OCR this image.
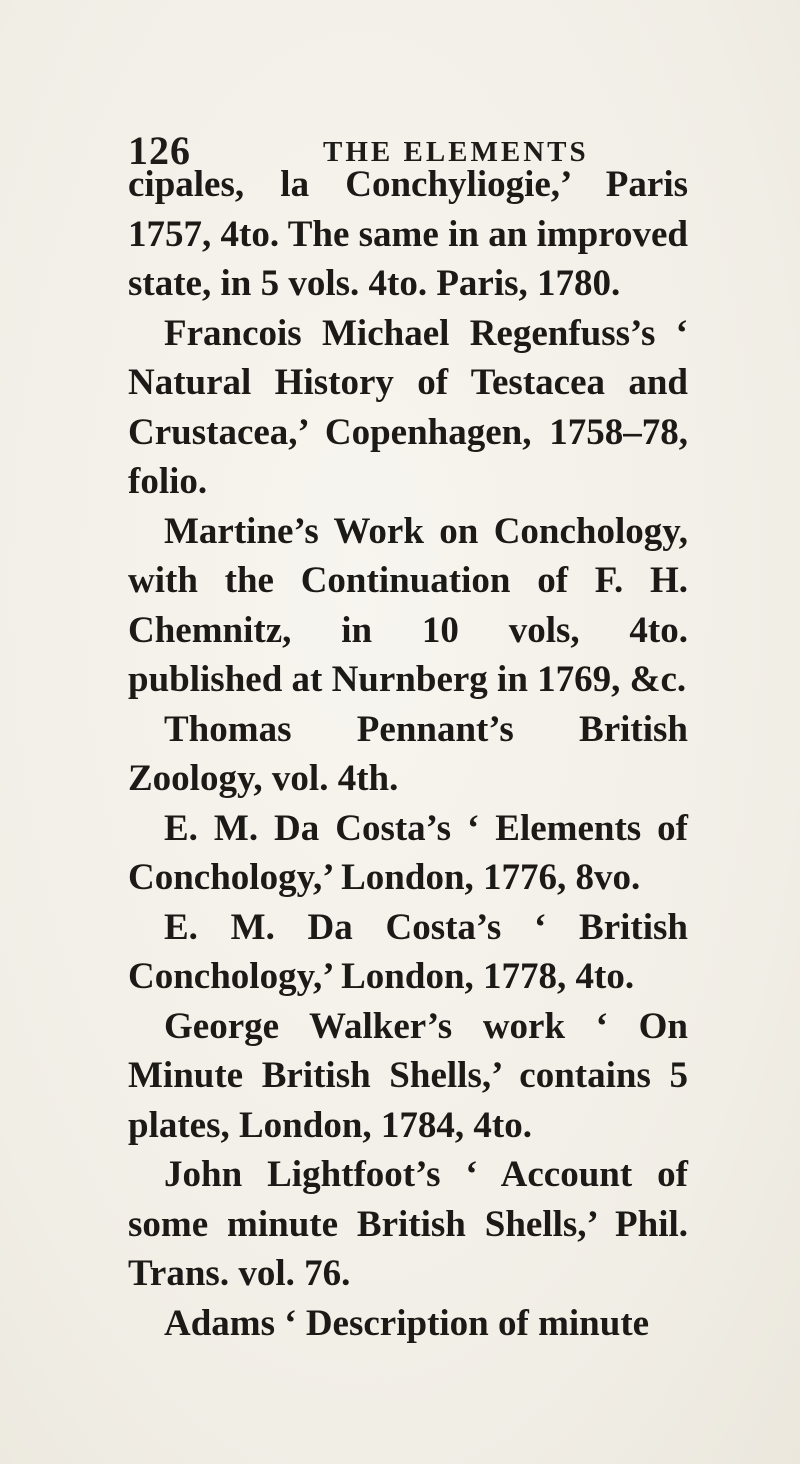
126	THE ELEMENTS

cipales, la Conchyliogie,’ Paris 1757, 4to. The same in an improved state, in 5 vols. 4to. Paris, 1780.

Francois Michael Regenfuss’s ‘ Natural History of Testacea and Crustacea,’ Copenhagen, 1758–78, folio.

Martine’s Work on Conchology, with the Continuation of F. H. Chemnitz, in 10 vols, 4to. published at Nurnberg in 1769, &c.

Thomas Pennant’s British Zoology, vol. 4th.

E. M. Da Costa’s ‘ Elements of Conchology,’ London, 1776, 8vo.

E. M. Da Costa’s ‘ British Conchology,’ London, 1778, 4to.

George Walker’s work ‘ On Minute British Shells,’ contains 5 plates, London, 1784, 4to.

John Lightfoot’s ‘ Account of some minute British Shells,’ Phil. Trans. vol. 76.

Adams ‘ Description of minute
